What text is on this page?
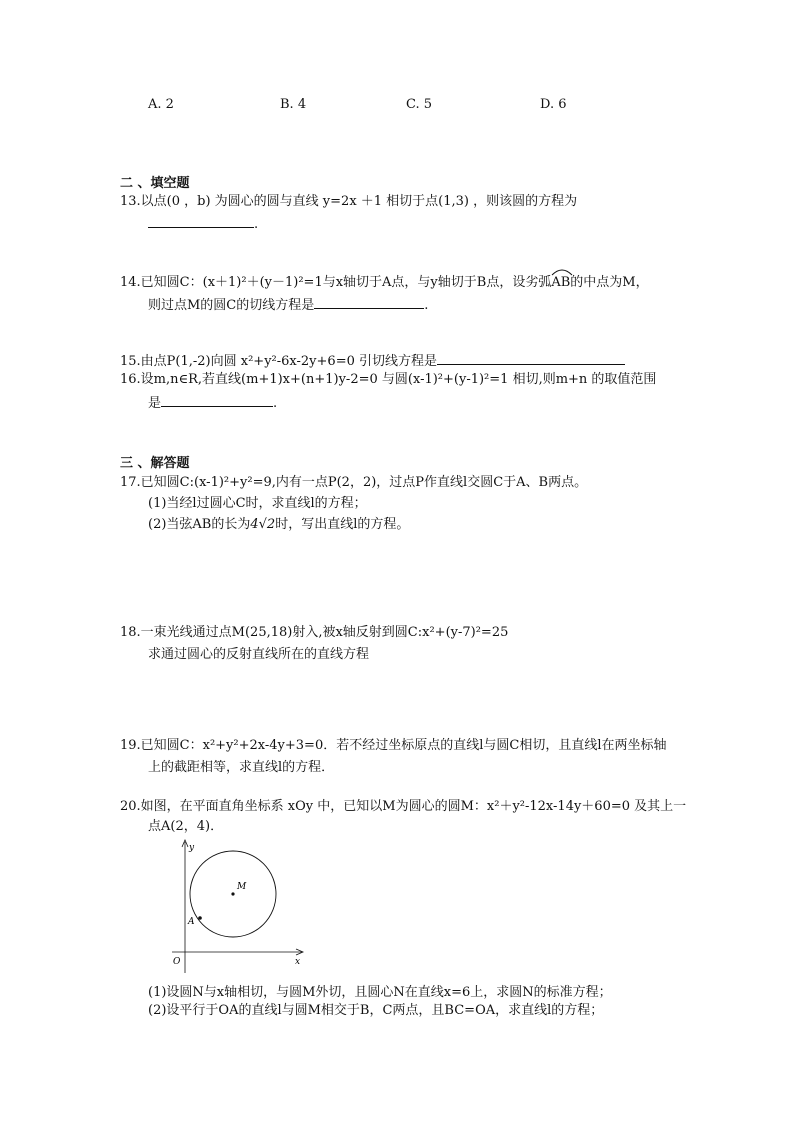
A. 2	B. 4	C. 5	D. 6
二 、填空题
13.以点(0 ，b) 为圆心的圆与直线 y=2x ＋1 相切于点(1,3) ，则该圆的方程为
.
14.已知圆C：(x＋1)²＋(y－1)²=1与x轴切于A点，与y轴切于B点，设劣弧
AB的中点为M，
则过点M的圆C的切线方程是	.
15.由点P(1,-2)向圆 x²+y²-6x-2y+6=0 引切线方程是
16.设m,n∈R,若直线(m+1)x+(n+1)y-2=0 与圆(x-1)²+(y-1)²=1 相切,则m+n 的取值范围
是	.
三 、解答题
17.已知圆C:(x-1)²+y²=9,内有一点P(2，2)，过点P作直线l交圆C于A、B两点。
(1)当经l过圆心C时，求直线l的方程；
(2)当弦AB的长为4√2时，写出直线l的方程。
18.一束光线通过点M(25,18)射入,被x轴反射到圆C:x²+(y-7)²=25
求通过圆心的反射直线所在的直线方程
19.已知圆C：x²+y²+2x-4y+3=0．若不经过坐标原点的直线l与圆C相切，且直线l在两坐标轴
上的截距相等，求直线l的方程．
20.如图，在平面直角坐标系 xOy 中，已知以M为圆心的圆M：x²＋y²-12x-14y＋60=0 及其上一
点A(2，4)．
y
x
O
M
A
(1)设圆N与x轴相切，与圆M外切，且圆心N在直线x=6上，求圆N的标准方程；
(2)设平行于OA的直线l与圆M相交于B，C两点，且BC=OA，求直线l的方程；
